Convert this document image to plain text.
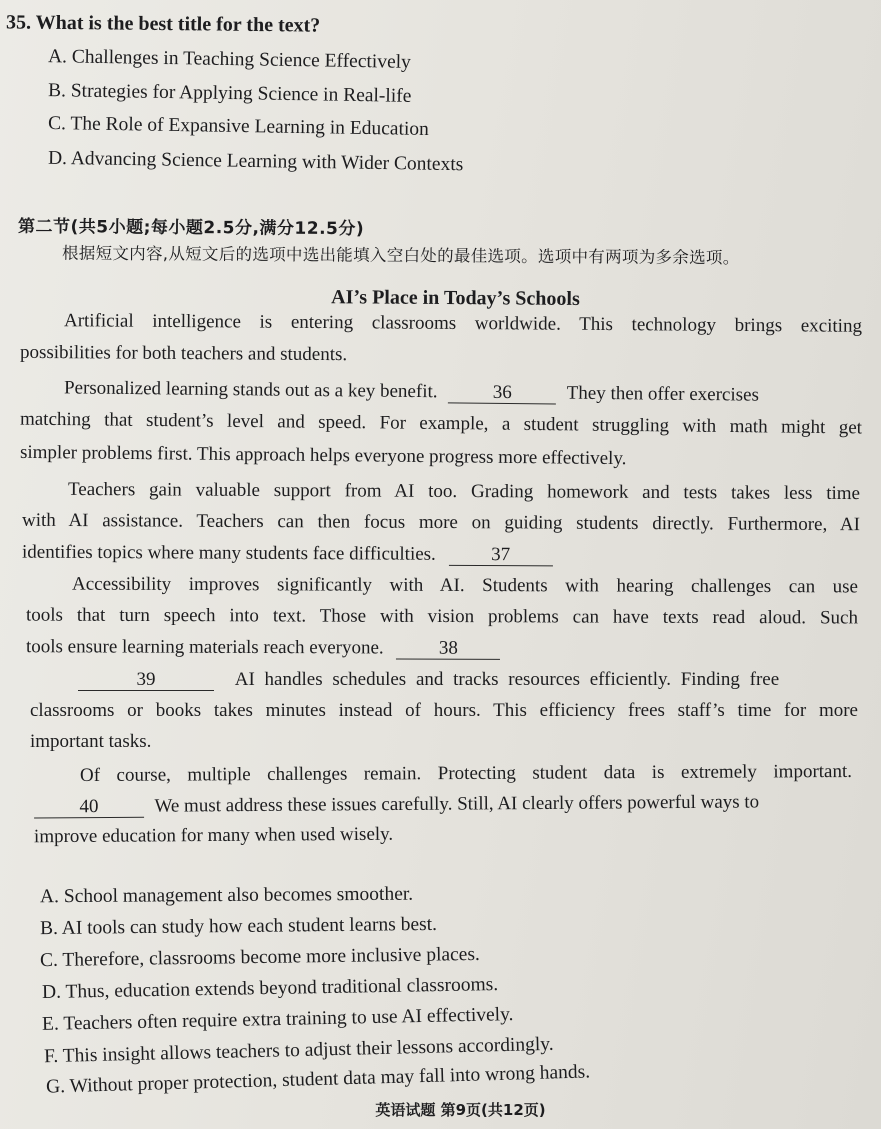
35. What is the best title for the text?
A. Challenges in Teaching Science Effectively
B. Strategies for Applying Science in Real-life
C. The Role of Expansive Learning in Education
D. Advancing Science Learning with Wider Contexts
第二节(共5小题;每小题2.5分,满分12.5分)
根据短文内容,从短文后的选项中选出能填入空白处的最佳选项。选项中有两项为多余选项。
AI’s Place in Today’s Schools
Artificial intelligence is entering classrooms worldwide. This technology brings exciting
possibilities for both teachers and students.
Personalized learning stands out as a key benefit.	36	They then offer exercises
matching that student’s level and speed. For example, a student struggling with math might get
simpler problems first. This approach helps everyone progress more effectively.
Teachers gain valuable support from AI too. Grading homework and tests takes less time
with AI assistance. Teachers can then focus more on guiding students directly. Furthermore, AI
identifies topics where many students face difficulties.	37
Accessibility improves significantly with AI. Students with hearing challenges can use
tools that turn speech into text. Those with vision problems can have texts read aloud. Such
tools ensure learning materials reach everyone.	38
39	AI handles schedules and tracks resources efficiently. Finding free
classrooms or books takes minutes instead of hours. This efficiency frees staff’s time for more
important tasks.
Of course, multiple challenges remain. Protecting student data is extremely important.
40	We must address these issues carefully. Still, AI clearly offers powerful ways to
improve education for many when used wisely.
A. School management also becomes smoother.
B. AI tools can study how each student learns best.
C. Therefore, classrooms become more inclusive places.
D. Thus, education extends beyond traditional classrooms.
E. Teachers often require extra training to use AI effectively.
F. This insight allows teachers to adjust their lessons accordingly.
G. Without proper protection, student data may fall into wrong hands.
英语试题 第9页(共12页)
